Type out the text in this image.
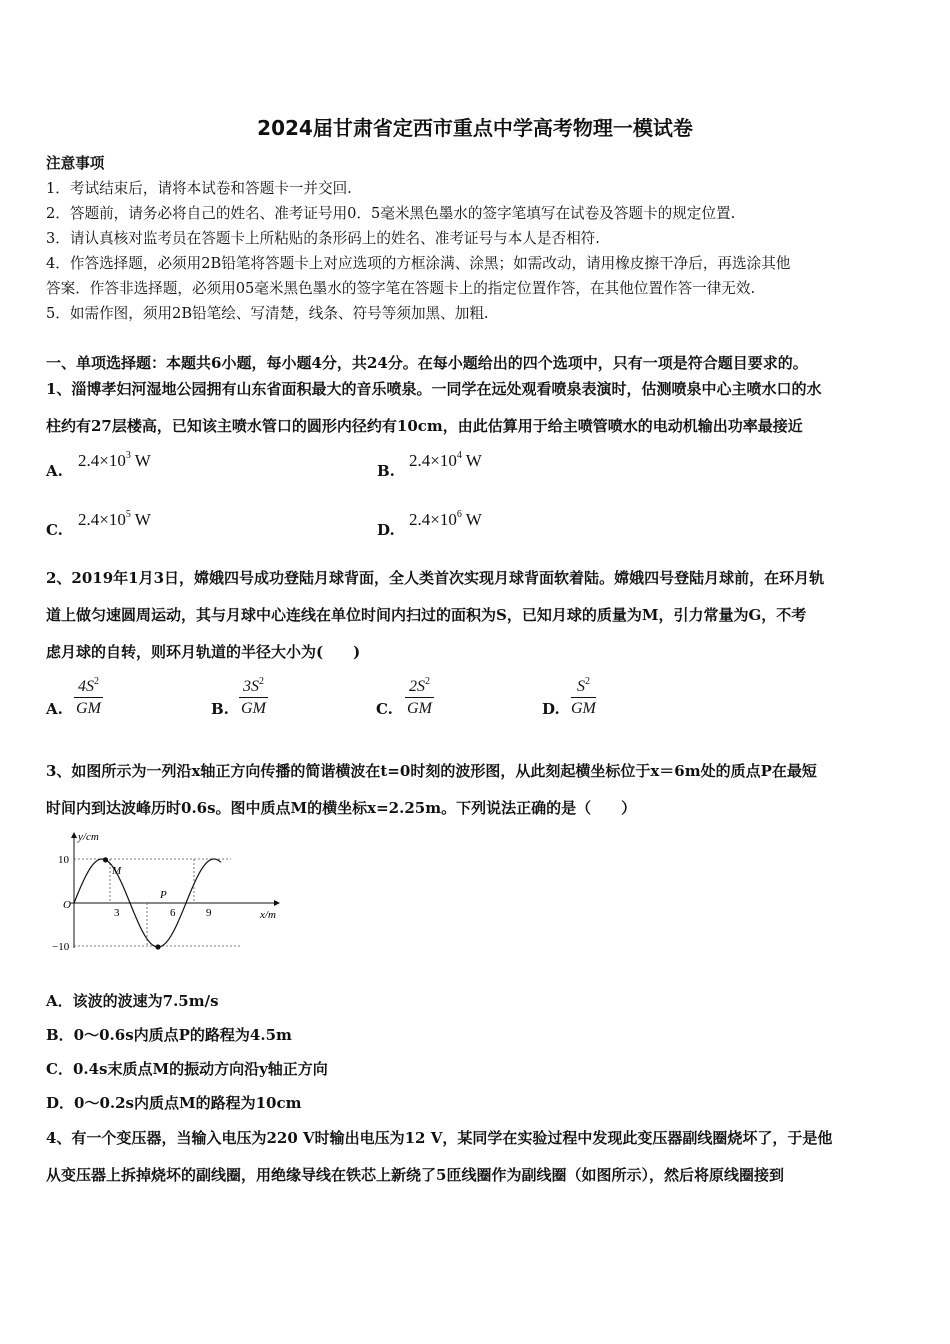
2024届甘肃省定西市重点中学高考物理一模试卷
注意事项
1．考试结束后，请将本试卷和答题卡一并交回.
2．答题前，请务必将自己的姓名、准考证号用0．5毫米黑色墨水的签字笔填写在试卷及答题卡的规定位置.
3．请认真核对监考员在答题卡上所粘贴的条形码上的姓名、准考证号与本人是否相符.
4．作答选择题，必须用2B铅笔将答题卡上对应选项的方框涂满、涂黑；如需改动，请用橡皮擦干净后，再选涂其他
答案．作答非选择题，必须用05毫米黑色墨水的签字笔在答题卡上的指定位置作答，在其他位置作答一律无效.
5．如需作图，须用2B铅笔绘、写清楚，线条、符号等须加黑、加粗.
一、单项选择题：本题共6小题，每小题4分，共24分。在每小题给出的四个选项中，只有一项是符合题目要求的。
1、淄博孝妇河湿地公园拥有山东省面积最大的音乐喷泉。一同学在远处观看喷泉表演时，估测喷泉中心主喷水口的水
柱约有27层楼高，已知该主喷水管口的圆形内径约有10cm，由此估算用于给主喷管喷水的电动机输出功率最接近
A.
$2.4\times 10^3$ W
B.
$2.4\times 10^4$ W
C.
$2.4\times 10^5$ W
D.
$2.4\times 10^6$ W
2、2019年1月3日，嫦娥四号成功登陆月球背面，全人类首次实现月球背面软着陆。嫦娥四号登陆月球前，在环月轨
道上做匀速圆周运动，其与月球中心连线在单位时间内扫过的面积为S，已知月球的质量为M，引力常量为G，不考
虑月球的自转，则环月轨道的半径大小为(　　)
A. $\frac{4S^2}{GM}$	B. $\frac{3S^2}{GM}$	C. $\frac{2S^2}{GM}$	D. $\frac{S^2}{GM}$
3、如图所示为一列沿x轴正方向传播的简谐横波在t=0时刻的波形图，从此刻起横坐标位于x＝6m处的质点P在最短
时间内到达波峰历时0.6s。图中质点M的横坐标x=2.25m。下列说法正确的是（　　）
y/cm
x/m
O
10
−10
3	6	9
M
P
A．该波的波速为7.5m/s
B．0～0.6s内质点P的路程为4.5m
C．0.4s末质点M的振动方向沿y轴正方向
D．0～0.2s内质点M的路程为10cm
4、有一个变压器，当输入电压为220 V时输出电压为12 V，某同学在实验过程中发现此变压器副线圈烧坏了，于是他
从变压器上拆掉烧坏的副线圈，用绝缘导线在铁芯上新绕了5匝线圈作为副线圈（如图所示），然后将原线圈接到
